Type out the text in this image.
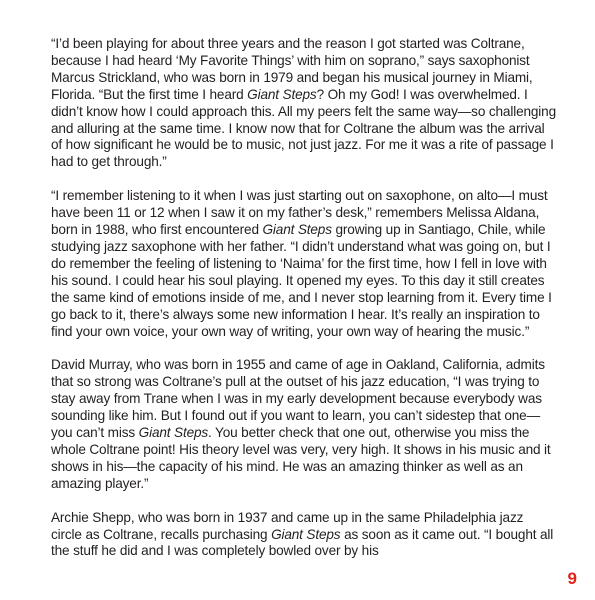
“I’d been playing for about three years and the reason I got started was Coltrane, because I had heard ‘My Favorite Things’ with him on soprano,” says saxophonist Marcus Strickland, who was born in 1979 and began his musical journey in Miami, Florida. “But the first time I heard Giant Steps? Oh my God! I was overwhelmed. I didn’t know how I could approach this. All my peers felt the same way—so challenging and alluring at the same time. I know now that for Coltrane the album was the arrival of how significant he would be to music, not just jazz. For me it was a rite of passage I had to get through.”

“I remember listening to it when I was just starting out on saxophone, on alto—I must have been 11 or 12 when I saw it on my father’s desk,” remembers Melissa Aldana, born in 1988, who first encountered Giant Steps growing up in Santiago, Chile, while studying jazz saxophone with her father. “I didn’t understand what was going on, but I do remember the feeling of listening to ‘Naima’ for the first time, how I fell in love with his sound. I could hear his soul playing. It opened my eyes. To this day it still creates the same kind of emotions inside of me, and I never stop learning from it. Every time I go back to it, there’s always some new information I hear. It’s really an inspiration to find your own voice, your own way of writing, your own way of hearing the music.”

David Murray, who was born in 1955 and came of age in Oakland, California, admits that so strong was Coltrane’s pull at the outset of his jazz education, “I was trying to stay away from Trane when I was in my early development because everybody was sounding like him. But I found out if you want to learn, you can’t sidestep that one—you can’t miss Giant Steps. You better check that one out, otherwise you miss the whole Coltrane point! His theory level was very, very high. It shows in his music and it shows in his—the capacity of his mind. He was an amazing thinker as well as an amazing player.”

Archie Shepp, who was born in 1937 and came up in the same Philadelphia jazz circle as Coltrane, recalls purchasing Giant Steps as soon as it came out. “I bought all the stuff he did and I was completely bowled over by his

9
